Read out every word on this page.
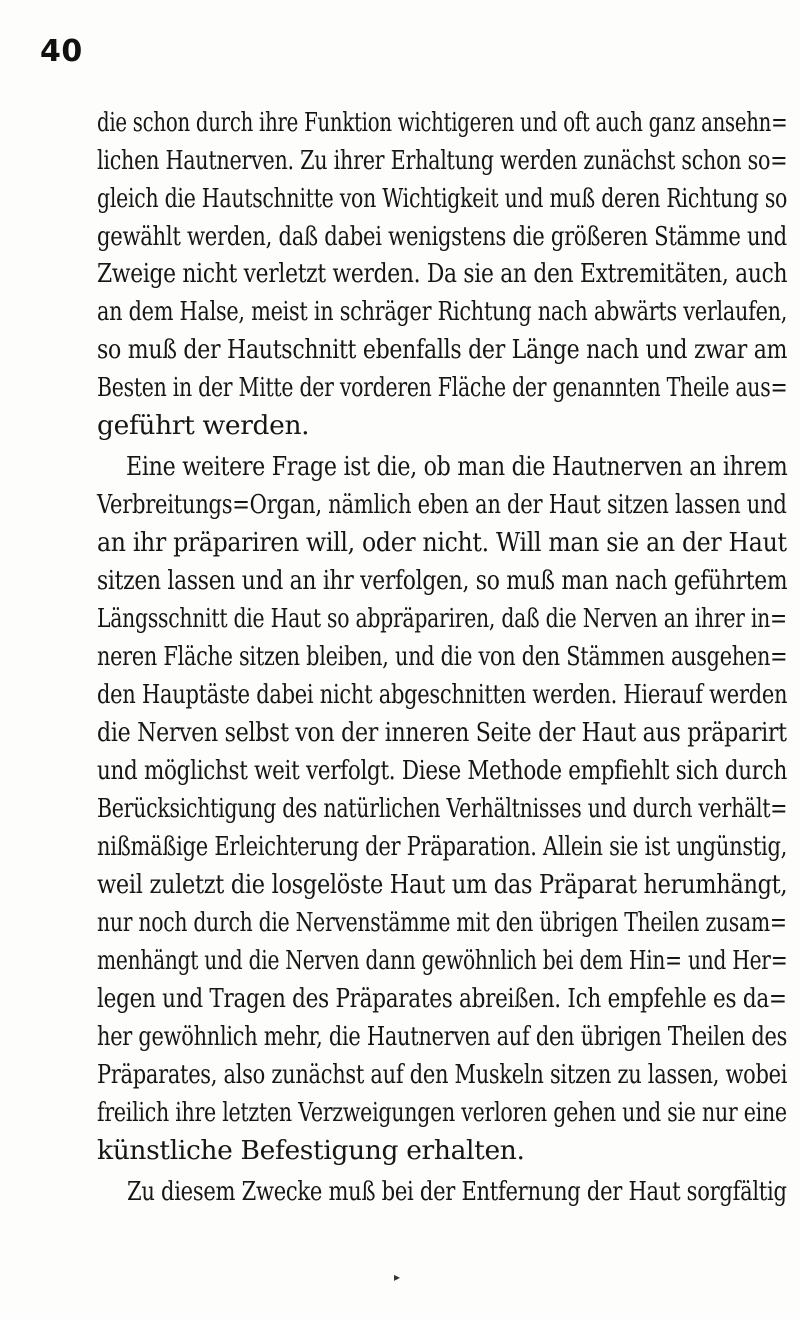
40
die schon durch ihre Funktion wichtigeren und oft auch ganz ansehn=
lichen Hautnerven. Zu ihrer Erhaltung werden zunächst schon so=
gleich die Hautschnitte von Wichtigkeit und muß deren Richtung so
gewählt werden, daß dabei wenigstens die größeren Stämme und
Zweige nicht verletzt werden. Da sie an den Extremitäten, auch
an dem Halse, meist in schräger Richtung nach abwärts verlaufen,
so muß der Hautschnitt ebenfalls der Länge nach und zwar am
Besten in der Mitte der vorderen Fläche der genannten Theile aus=
geführt werden.
Eine weitere Frage ist die, ob man die Hautnerven an ihrem
Verbreitungs=Organ, nämlich eben an der Haut sitzen lassen und
an ihr präpariren will, oder nicht. Will man sie an der Haut
sitzen lassen und an ihr verfolgen, so muß man nach geführtem
Längsschnitt die Haut so abpräpariren, daß die Nerven an ihrer in=
neren Fläche sitzen bleiben, und die von den Stämmen ausgehen=
den Hauptäste dabei nicht abgeschnitten werden. Hierauf werden
die Nerven selbst von der inneren Seite der Haut aus präparirt
und möglichst weit verfolgt. Diese Methode empfiehlt sich durch
Berücksichtigung des natürlichen Verhältnisses und durch verhält=
nißmäßige Erleichterung der Präparation. Allein sie ist ungünstig,
weil zuletzt die losgelöste Haut um das Präparat herumhängt,
nur noch durch die Nervenstämme mit den übrigen Theilen zusam=
menhängt und die Nerven dann gewöhnlich bei dem Hin= und Her=
legen und Tragen des Präparates abreißen. Ich empfehle es da=
her gewöhnlich mehr, die Hautnerven auf den übrigen Theilen des
Präparates, also zunächst auf den Muskeln sitzen zu lassen, wobei
freilich ihre letzten Verzweigungen verloren gehen und sie nur eine
künstliche Befestigung erhalten.
Zu diesem Zwecke muß bei der Entfernung der Haut sorgfältig
▸
